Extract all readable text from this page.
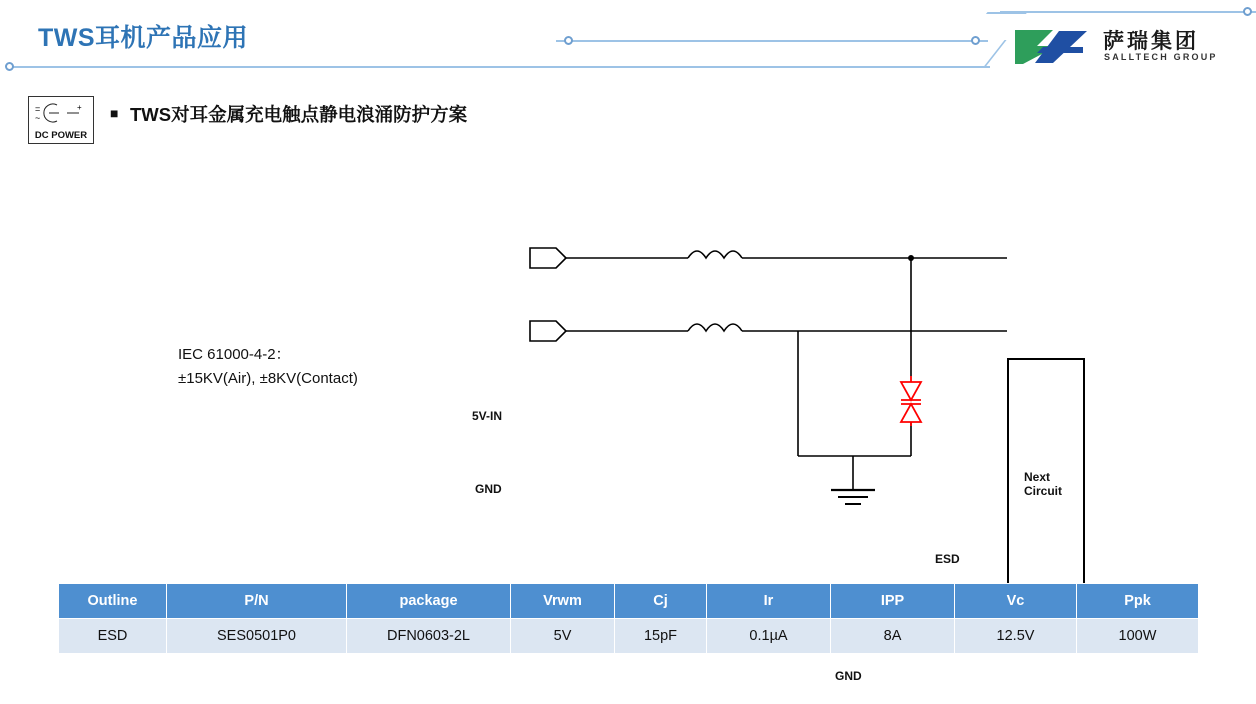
TWS耳机产品应用	萨瑞集团
SALLTECH GROUP
=
~
+
DC POWER
■ TWS对耳金属充电触点静电浪涌防护方案
Next
Circuit
5V-IN
GND
ESD
GND
IEC 61000-4-2：
±15KV(Air), ±8KV(Contact)
Outline	P/N	package	Vrwm	Cj	Ir	IPP	Vc	Ppk
ESD	SES0501P0	DFN0603-2L	5V	15pF	0.1µA	8A	12.5V	100W
